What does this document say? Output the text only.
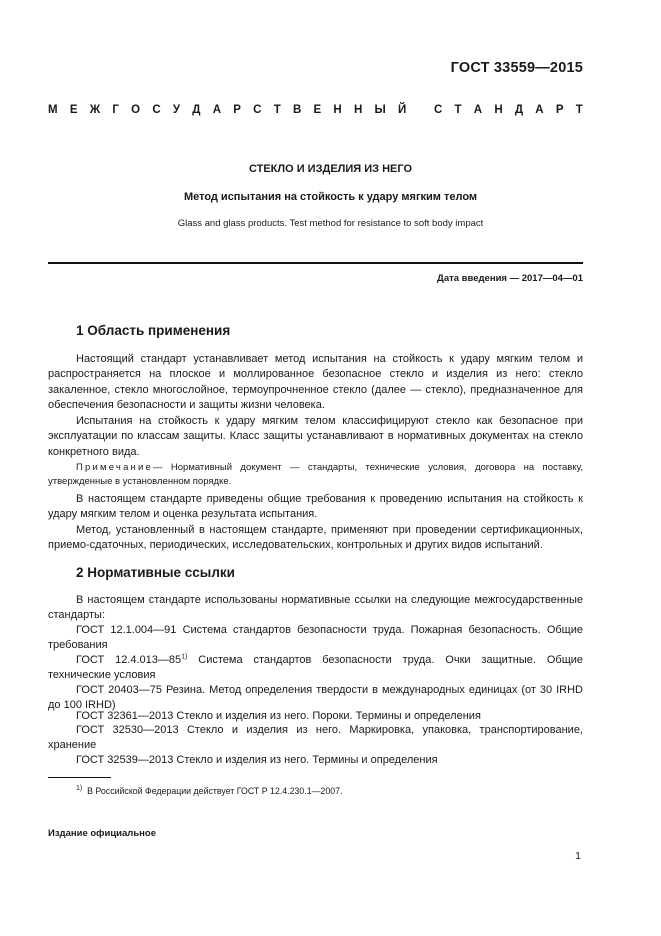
ГОСТ 33559—2015
М Е Ж Г О С У Д А Р С Т В Е Н Н Ы Й
С Т А Н Д А Р Т
СТЕКЛО И ИЗДЕЛИЯ ИЗ НЕГО
Метод испытания на стойкость к удару мягким телом
Glass and glass products. Test method for resistance to soft body impact
Дата введения — 2017—04—01
1 Область применения
Настоящий стандарт устанавливает метод испытания на стойкость к удару мягким телом и распространяется на плоское и моллированное безопасное стекло и изделия из него: стекло закаленное, стекло многослойное, термоупрочненное стекло (далее — стекло), предназначенное для обеспечения безопасности и защиты жизни человека.
Испытания на стойкость к удару мягким телом классифицируют стекло как безопасное при эксплуатации по классам защиты. Класс защиты устанавливают в нормативных документах на стекло конкретного вида.
Примечание— Нормативный документ — стандарты, технические условия, договора на поставку, утвержденные в установленном порядке.
В настоящем стандарте приведены общие требования к проведению испытания на стойкость к удару мягким телом и оценка результата испытания.
Метод, установленный в настоящем стандарте, применяют при проведении сертификационных, приемо-сдаточных, периодических, исследовательских, контрольных и других видов испытаний.
2 Нормативные ссылки
В настоящем стандарте использованы нормативные ссылки на следующие межгосударственные стандарты:
ГОСТ 12.1.004—91 Система стандартов безопасности труда. Пожарная безопасность. Общие требования
ГОСТ 12.4.013—85$^{1)}$ Система стандартов безопасности труда. Очки защитные. Общие технические условия
ГОСТ 20403—75 Резина. Метод определения твердости в международных единицах (от 30 IRHD до 100 IRHD)
ГОСТ 32361—2013 Стекло и изделия из него. Пороки. Термины и определения
ГОСТ 32530—2013 Стекло и изделия из него. Маркировка, упаковка, транспортирование, хранение
ГОСТ 32539—2013 Стекло и изделия из него. Термины и определения
$^{1)}$ В Российской Федерации действует ГОСТ Р 12.4.230.1—2007.
Издание официальное
1
